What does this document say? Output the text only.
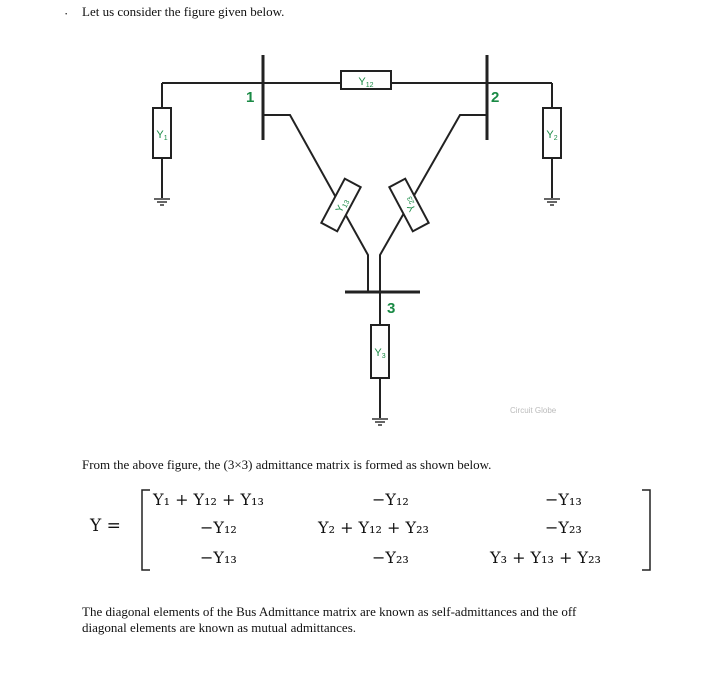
· Let us consider the figure given below.
Y12
Y1	Y2
$Y_{13}$	$Y_{23}$
Y3
1	2
3
Circuit Globe
From the above figure, the (3×3) admittance matrix is formed as shown below.
Y =
Y₁ + Y₁₂ + Y₁₃	−Y₁₂	−Y₁₃
−Y₁₂	Y₂ + Y₁₂ + Y₂₃	−Y₂₃
−Y₁₃	−Y₂₃	Y₃ + Y₁₃ + Y₂₃
The diagonal elements of the Bus Admittance matrix are known as self-admittances and the off
diagonal elements are known as mutual admittances.
